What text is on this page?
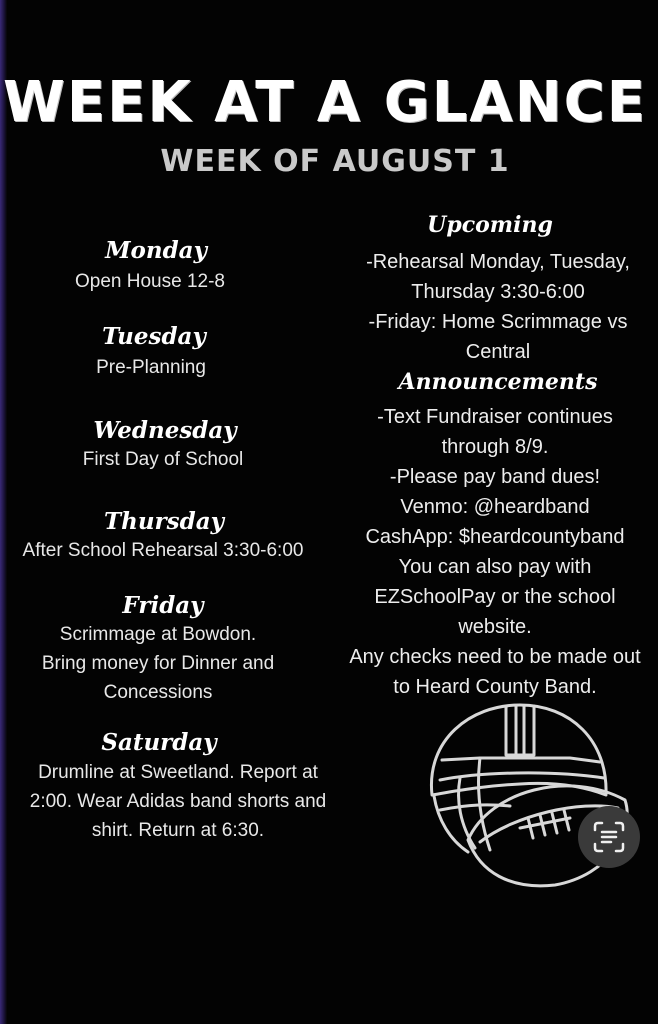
WEEK AT A GLANCE
WEEK OF AUGUST 1
Monday
Open House 12-8
Tuesday
Pre-Planning
Wednesday
First Day of School
Thursday
After School Rehearsal 3:30-6:00
Friday
Scrimmage at Bowdon.
Bring money for Dinner and
Concessions
Saturday
Drumline at Sweetland. Report at
2:00. Wear Adidas band shorts and
shirt. Return at 6:30.
Upcoming
-Rehearsal Monday, Tuesday,
Thursday 3:30-6:00
-Friday: Home Scrimmage vs
Central
Announcements
-Text Fundraiser continues
through 8/9.
-Please pay band dues!
Venmo: @heardband
CashApp: $heardcountyband
You can also pay with
EZSchoolPay or the school
website.
Any checks need to be made out
to Heard County Band.
